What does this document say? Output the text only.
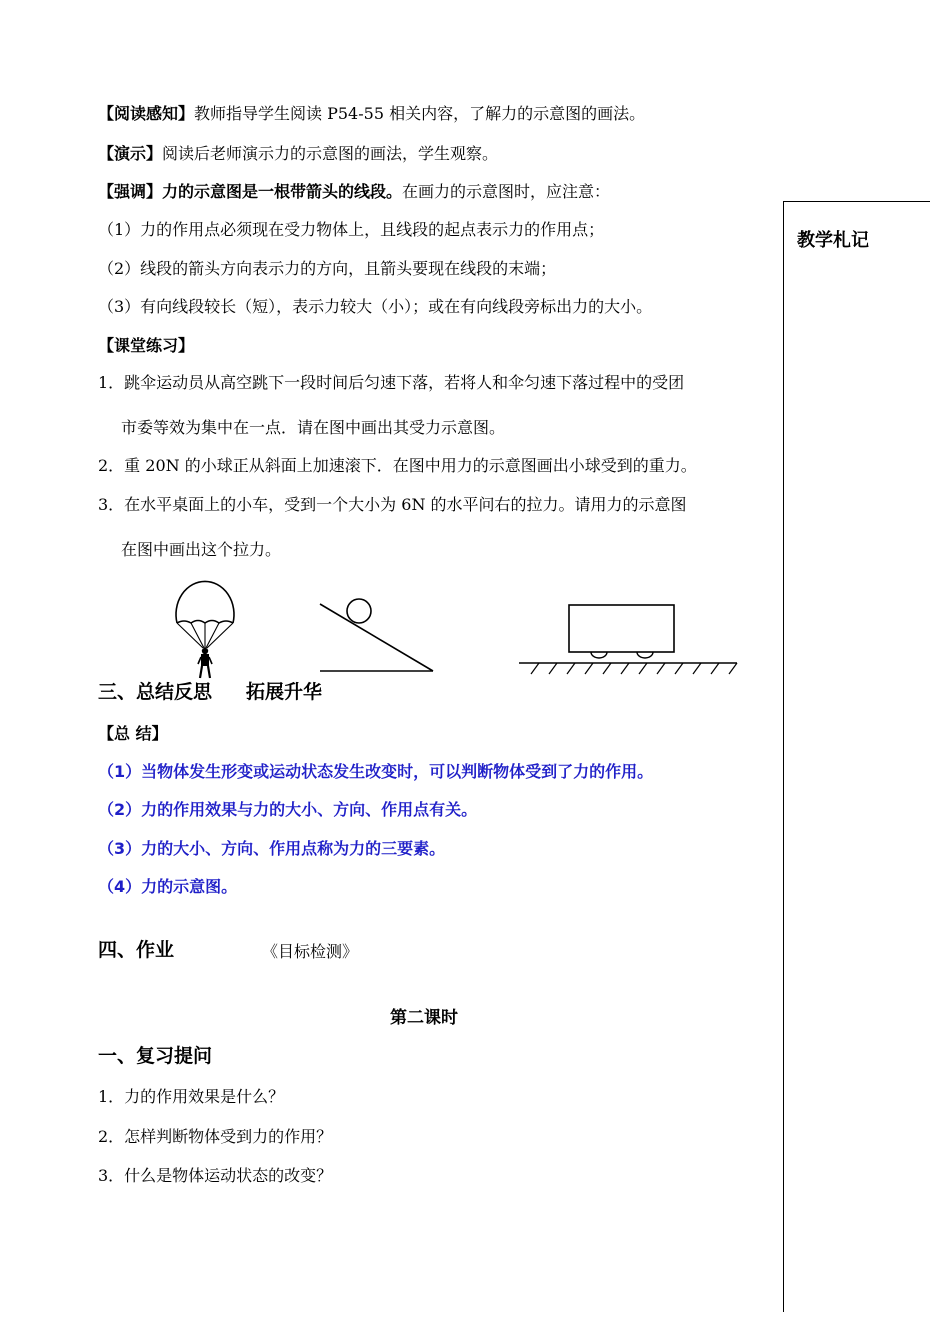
教学札记
【阅读感知】教师指导学生阅读 P54-55 相关内容，了解力的示意图的画法。
【演示】阅读后老师演示力的示意图的画法，学生观察。
【强调】力的示意图是一根带箭头的线段。在画力的示意图时，应注意：
（1）力的作用点必须现在受力物体上，且线段的起点表示力的作用点；
（2）线段的箭头方向表示力的方向，且箭头要现在线段的末端；
（3）有向线段较长（短），表示力较大（小）；或在有向线段旁标出力的大小。
【课堂练习】
1．跳伞运动员从高空跳下一段时间后匀速下落，若将人和伞匀速下落过程中的受团
市委等效为集中在一点．请在图中画出其受力示意图。
2．重 20N 的小球正从斜面上加速滚下．在图中用力的示意图画出小球受到的重力。
3．在水平桌面上的小车，受到一个大小为 6N 的水平问右的拉力。请用力的示意图
在图中画出这个拉力。
三、总结反思 拓展升华
【总 结】
（1）当物体发生形变或运动状态发生改变时，可以判断物体受到了力的作用。
（2）力的作用效果与力的大小、方向、作用点有关。
（3）力的大小、方向、作用点称为力的三要素。
（4）力的示意图。
四、作业	《目标检测》
第二课时
一、复习提问
1．力的作用效果是什么？
2．怎样判断物体受到力的作用？
3．什么是物体运动状态的改变？
